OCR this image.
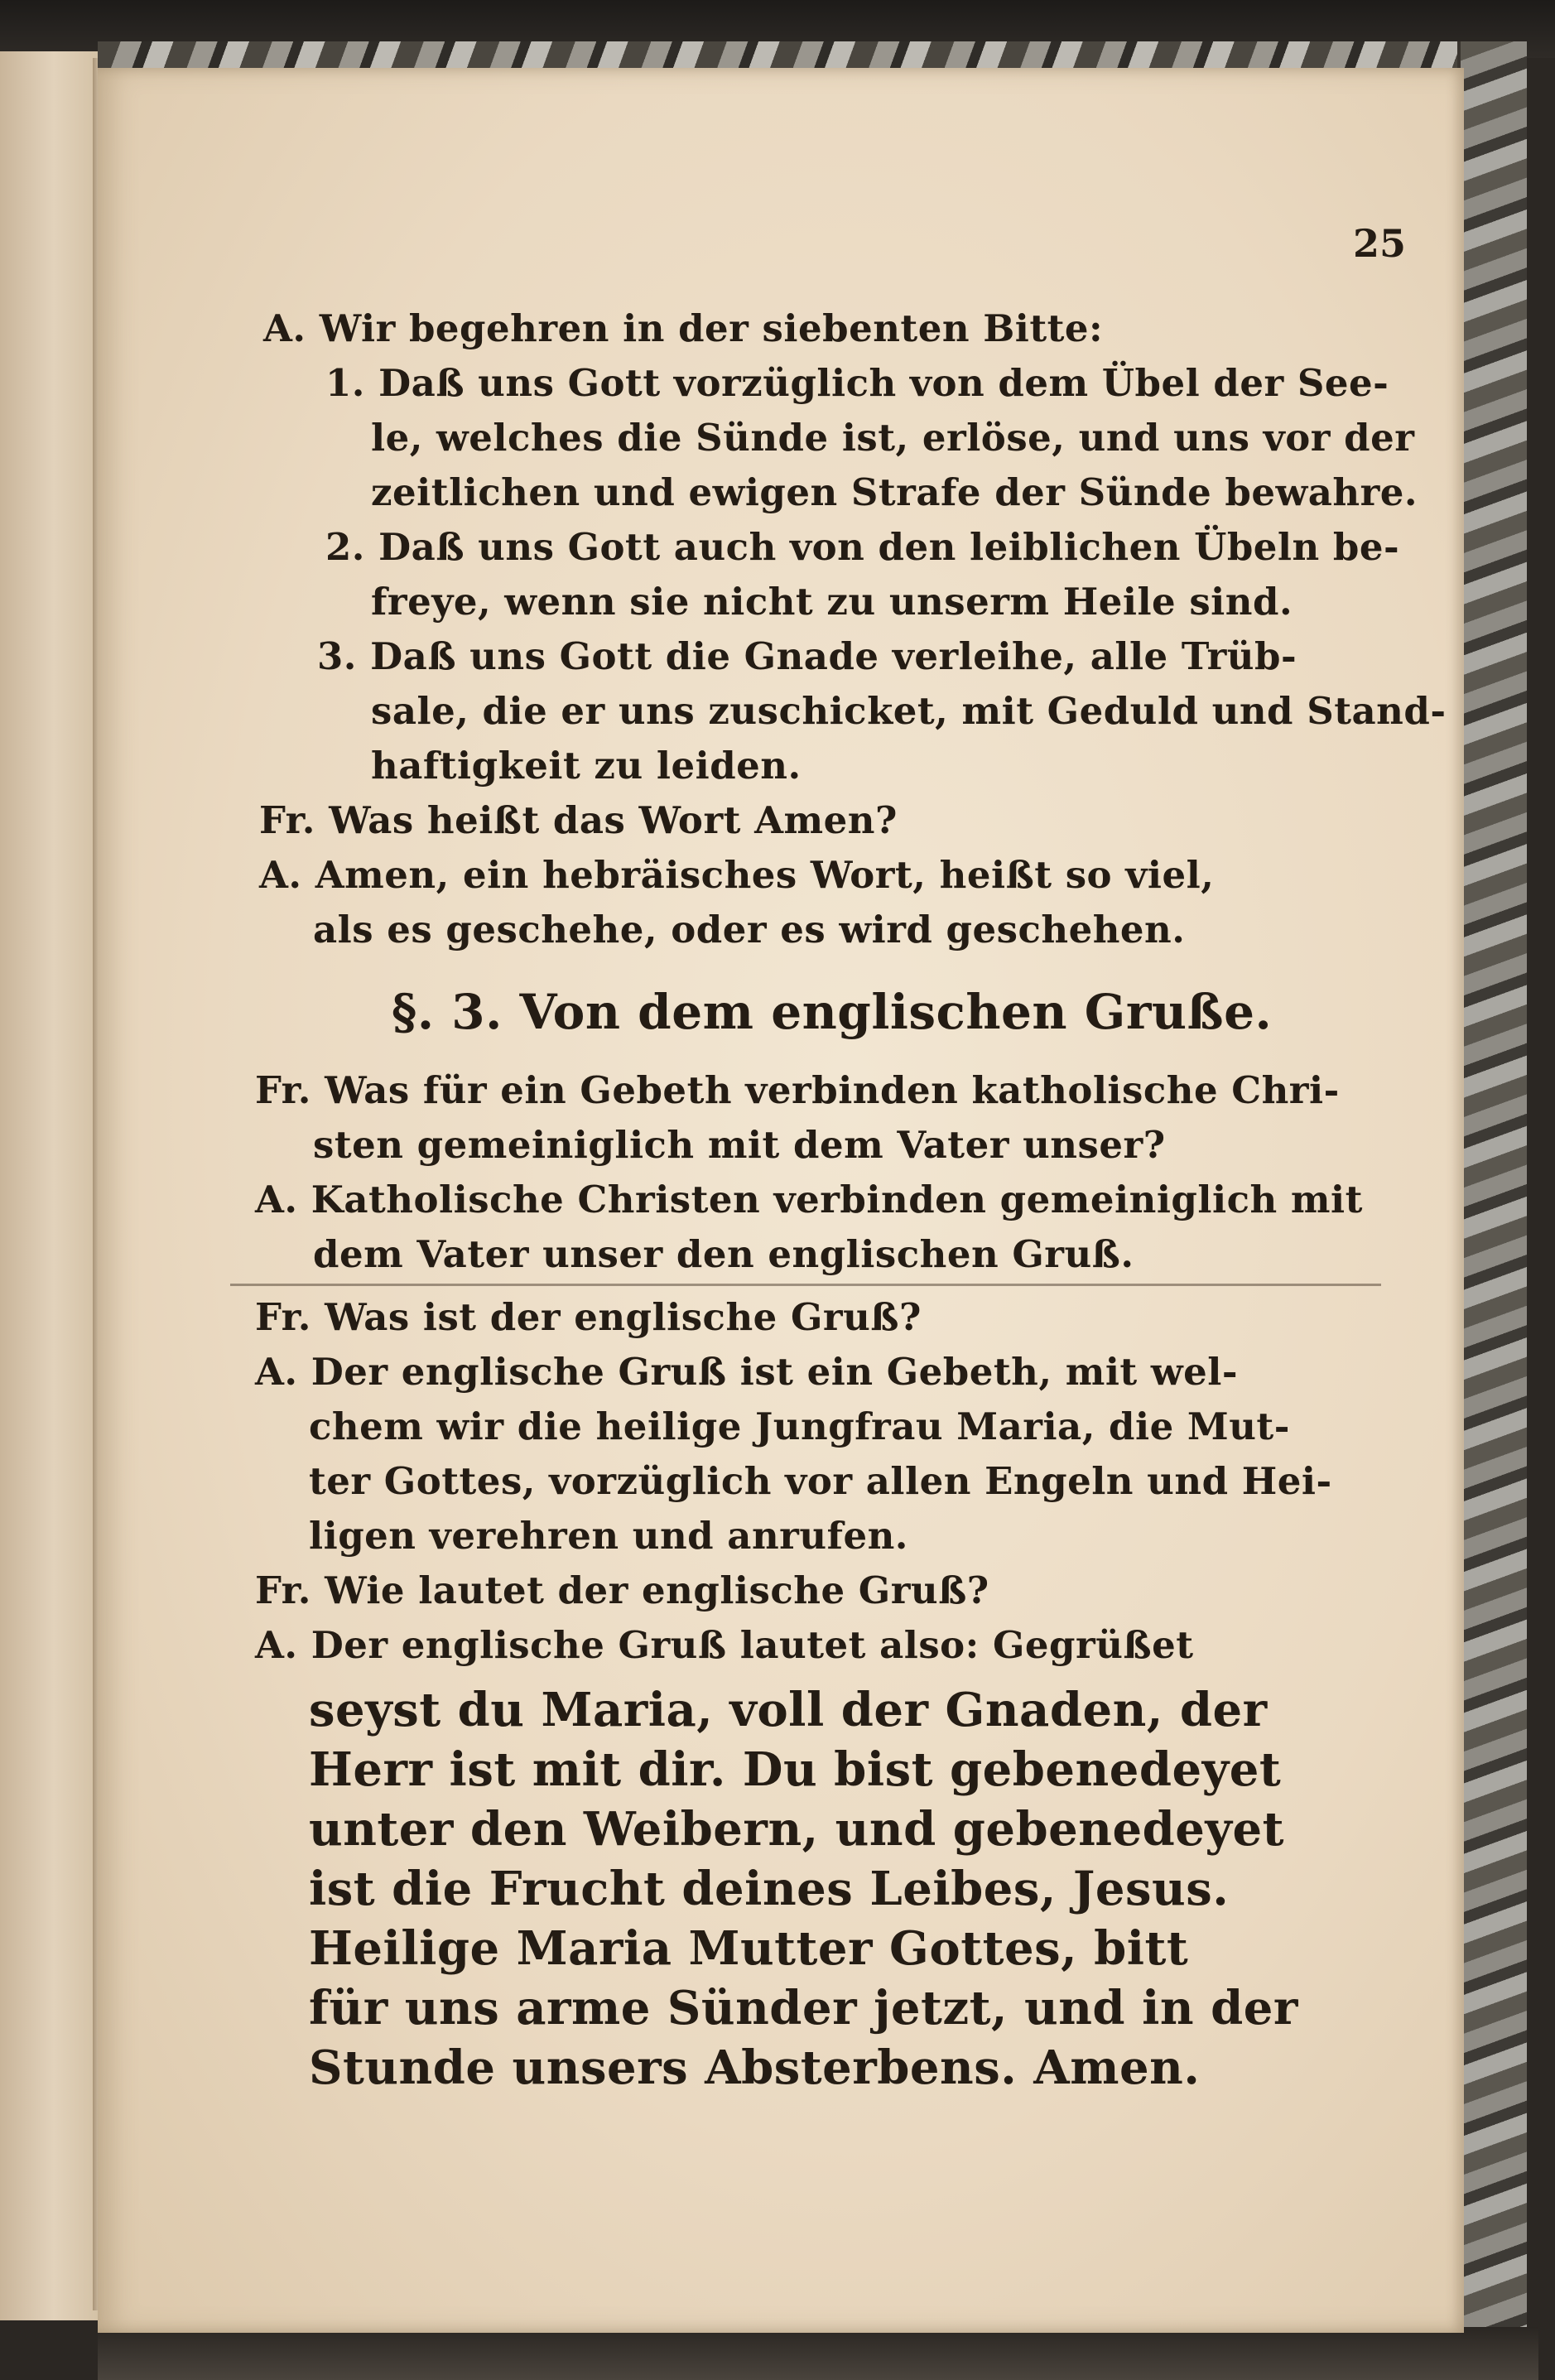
25
A. Wir begehren in der siebenten Bitte:
1. Daß uns Gott vorzüglich von dem Übel der See-
le, welches die Sünde ist, erlöse, und uns vor der
zeitlichen und ewigen Strafe der Sünde bewahre.
2. Daß uns Gott auch von den leiblichen Übeln be-
freye, wenn sie nicht zu unserm Heile sind.
3. Daß uns Gott die Gnade verleihe, alle Trüb-
sale, die er uns zuschicket, mit Geduld und Stand-
haftigkeit zu leiden.
Fr. Was heißt das Wort Amen?
A. Amen, ein hebräisches Wort, heißt so viel,
als es geschehe, oder es wird geschehen.
§. 3. Von dem englischen Gruße.
Fr. Was für ein Gebeth verbinden katholische Chri-
sten gemeiniglich mit dem Vater unser?
A. Katholische Christen verbinden gemeiniglich mit
dem Vater unser den englischen Gruß.
Fr. Was ist der englische Gruß?
A. Der englische Gruß ist ein Gebeth, mit wel-
chem wir die heilige Jungfrau Maria, die Mut-
ter Gottes, vorzüglich vor allen Engeln und Hei-
ligen verehren und anrufen.
Fr. Wie lautet der englische Gruß?
A. Der englische Gruß lautet also: Gegrüßet
seyst du Maria, voll der Gnaden, der
Herr ist mit dir. Du bist gebenedeyet
unter den Weibern, und gebenedeyet
ist die Frucht deines Leibes, Jesus.
Heilige Maria Mutter Gottes, bitt
für uns arme Sünder jetzt, und in der
Stunde unsers Absterbens. Amen.
